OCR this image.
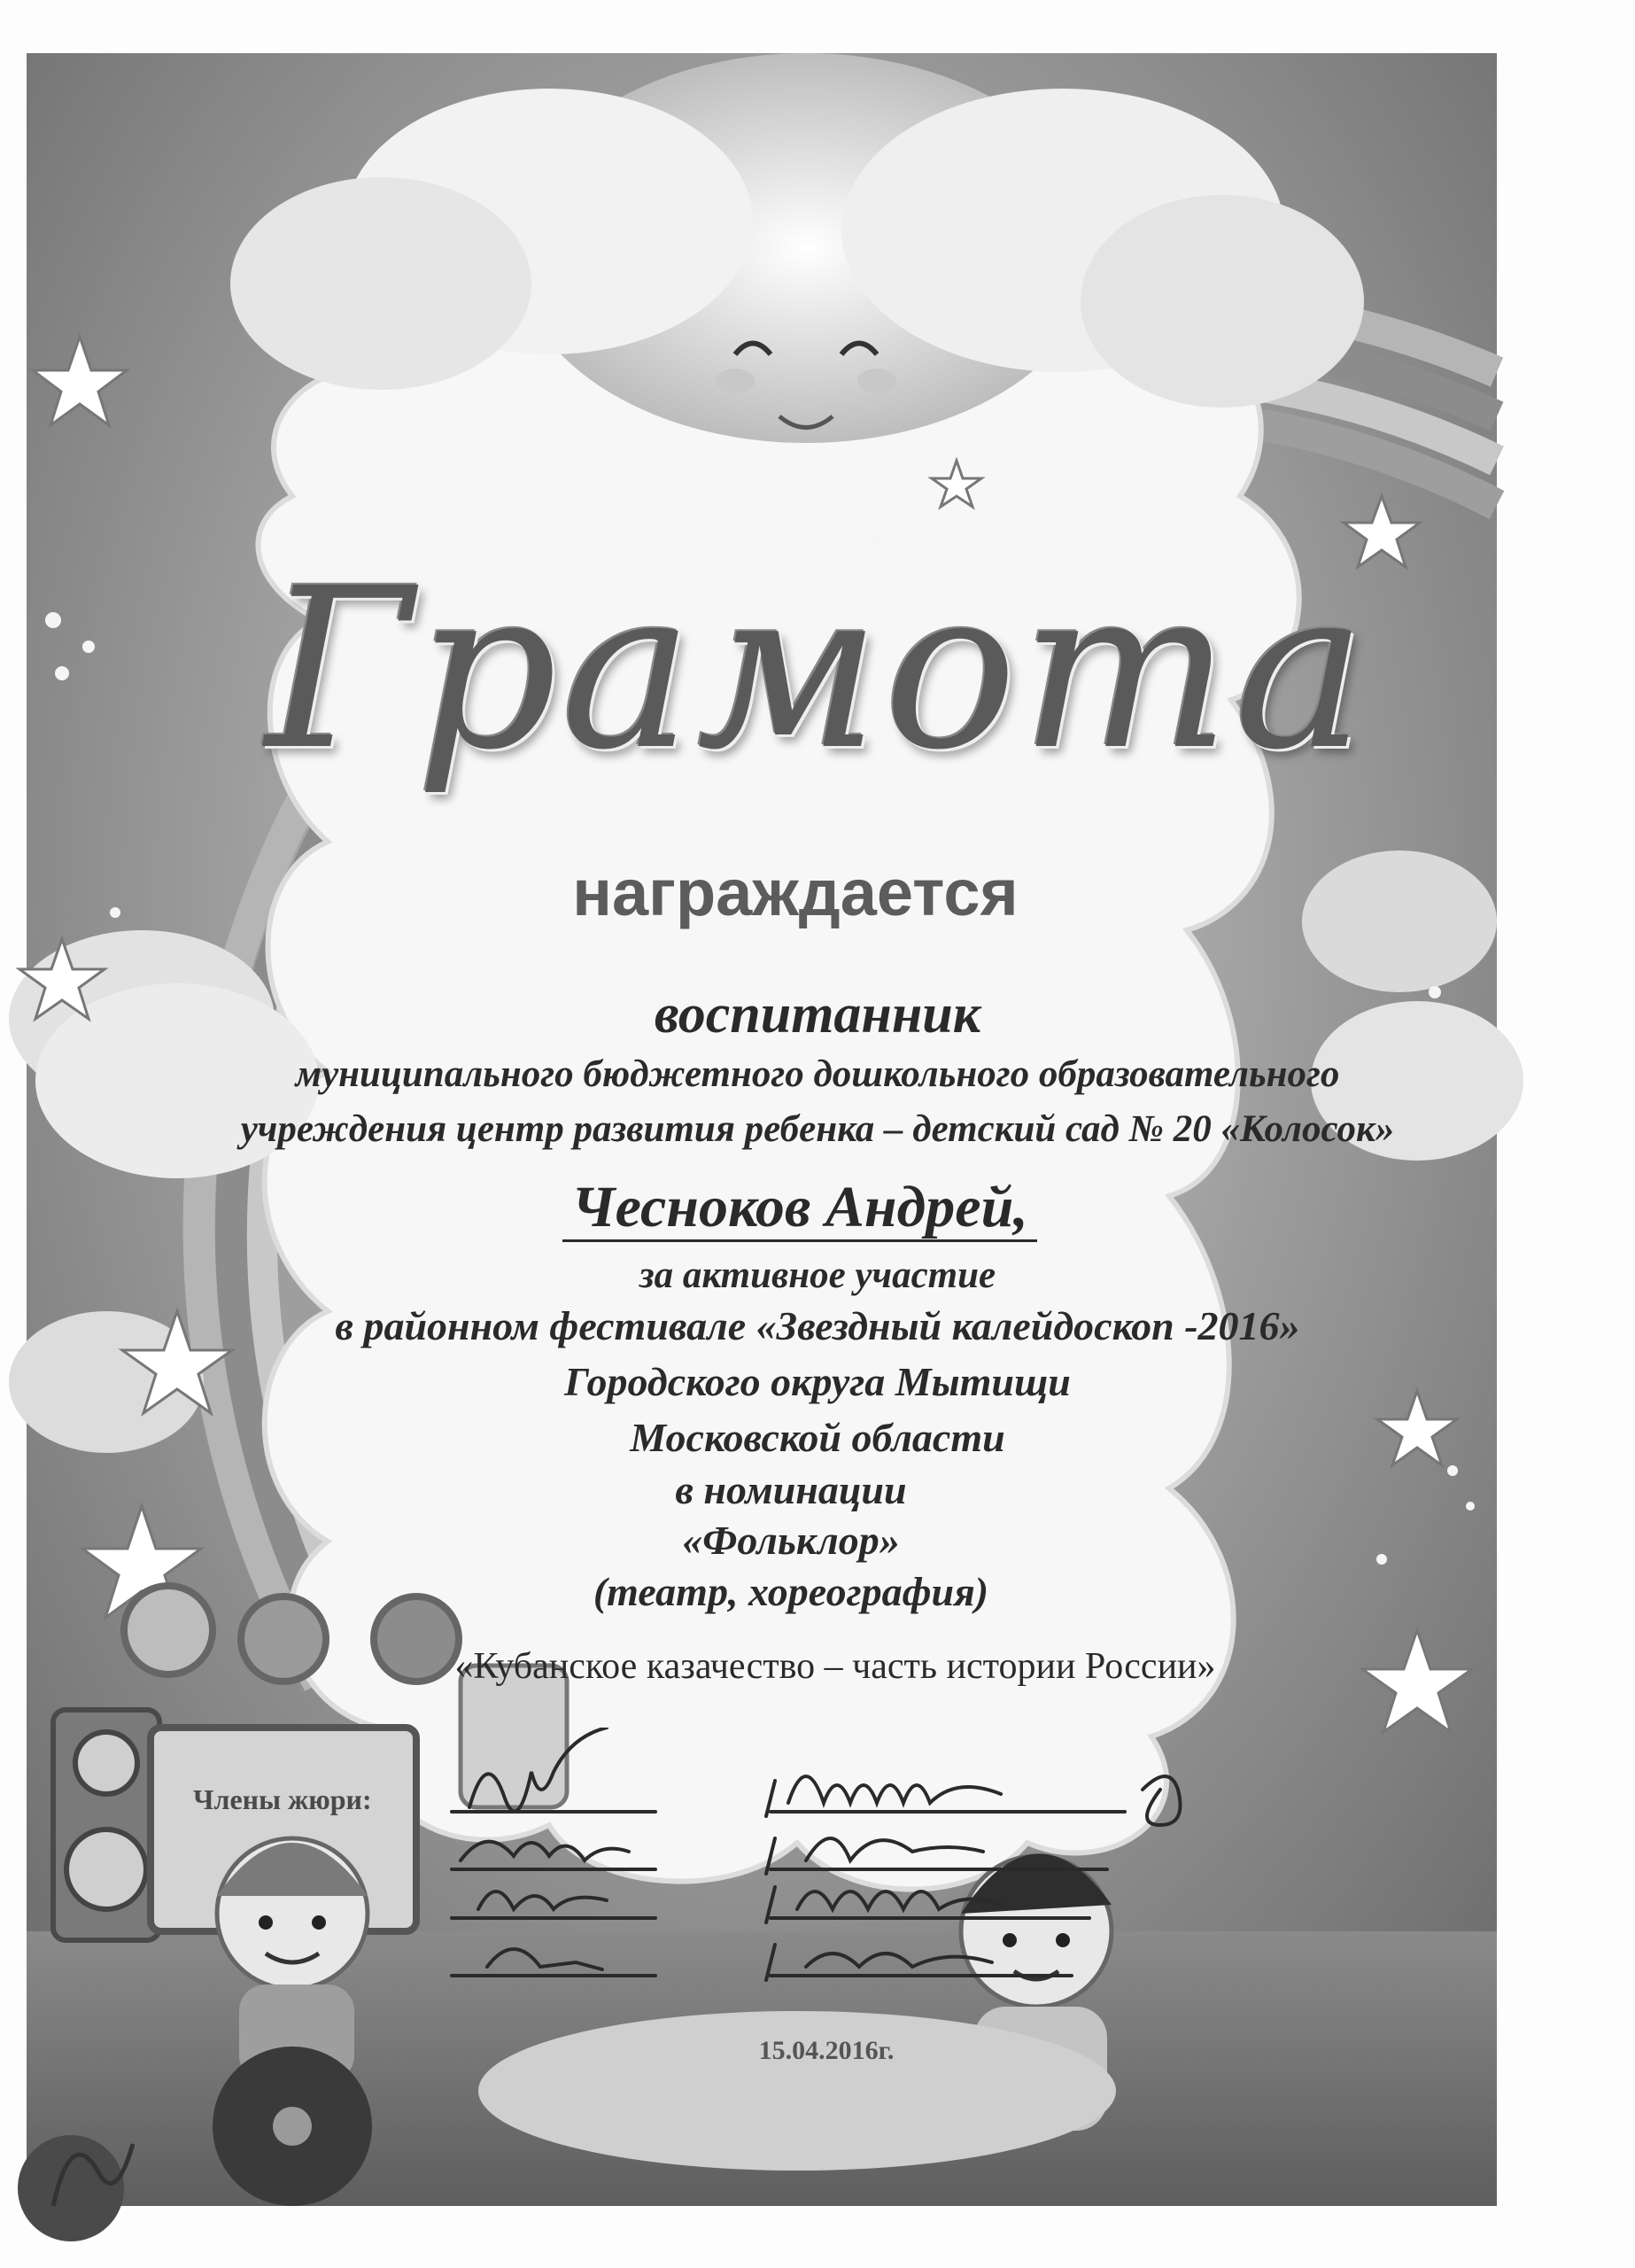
Грамота
награждается
воспитанник
муниципального бюджетного дошкольного образовательного
учреждения центр развития ребенка – детский сад № 20 «Колосок»
Чесноков Андрей,
за активное участие
в районном фестивале «Звездный калейдоскоп -2016»
Городского округа Мытищи
Московской области
в номинации
«Фольклор»
(театр, хореография)
«Кубанское казачество – часть истории России»
Члены жюри:
15.04.2016г.
